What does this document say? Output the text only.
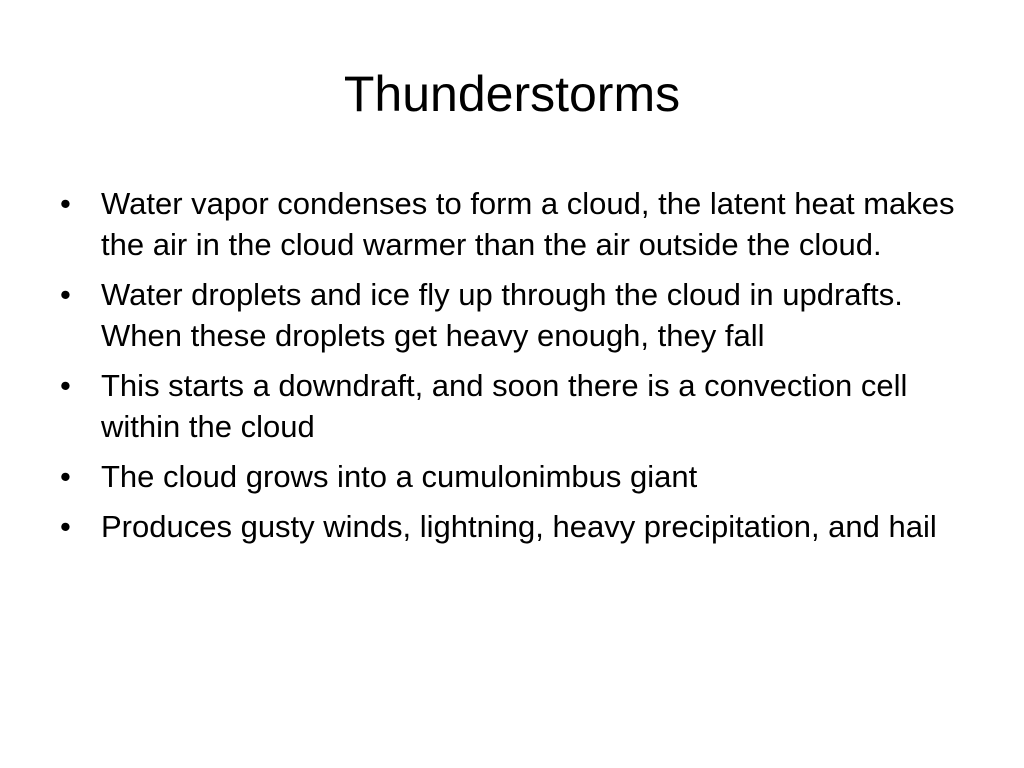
Thunderstorms
• Water vapor condenses to form a cloud, the latent heat makes the air in the cloud warmer than the air outside the cloud.
• Water droplets and ice fly up through the cloud in updrafts. When these droplets get heavy enough, they fall
• This starts a downdraft, and soon there is a convection cell within the cloud
• The cloud grows into a cumulonimbus giant
• Produces gusty winds, lightning, heavy precipitation, and hail
